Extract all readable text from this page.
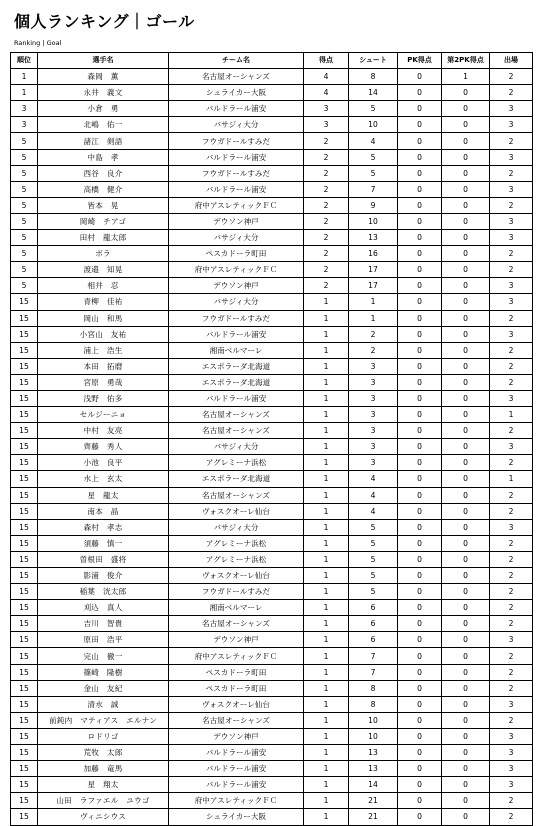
個人ランキング｜ゴール
Ranking | Goal
順位	選手名	チーム名	得点	シュート	PK得点	第2PK得点	出場
1	森岡　薫	名古屋オーシャンズ	4	8	0	1	2
1	永井　義文	シュライカー大阪	4	14	0	0	2
3	小倉　勇	バルドラール浦安	3	5	0	0	3
3	北嶋　佑一	バサジィ大分	3	10	0	0	3
5	諸江　剣語	フウガドールすみだ	2	4	0	0	2
5	中島　孝	バルドラール浦安	2	5	0	0	3
5	西谷　良介	フウガドールすみだ	2	5	0	0	2
5	高橋　健介	バルドラール浦安	2	7	0	0	3
5	皆本　晃	府中アスレティックＦＣ	2	9	0	0	2
5	岡崎　チアゴ	デウソン神戸	2	10	0	0	3
5	田村　龍太郎	バサジィ大分	2	13	0	0	3
5	ボラ	ペスカドーラ町田	2	16	0	0	2
5	渡邉　知晃	府中アスレティックＦＣ	2	17	0	0	2
5	相井　忍	デウソン神戸	2	17	0	0	3
15	青柳　佳祐	バサジィ大分	1	1	0	0	3
15	岡山　和馬	フウガドールすみだ	1	1	0	0	2
15	小宮山　友祐	バルドラール浦安	1	2	0	0	3
15	浦上　浩生	湘南ベルマーレ	1	2	0	0	2
15	本田　拓磨	エスポラーダ北海道	1	3	0	0	2
15	宮原　勇哉	エスポラーダ北海道	1	3	0	0	2
15	浅野　佑多	バルドラール浦安	1	3	0	0	3
15	セルジーニョ	名古屋オーシャンズ	1	3	0	0	1
15	中村　友亮	名古屋オーシャンズ	1	3	0	0	2
15	齊藤　秀人	バサジィ大分	1	3	0	0	3
15	小池　良平	アグレミーナ浜松	1	3	0	0	2
15	水上　玄太	エスポラーダ北海道	1	4	0	0	1
15	星　龍太	名古屋オーシャンズ	1	4	0	0	2
15	南本　晶	ヴォスクオーレ仙台	1	4	0	0	2
15	森村　孝志	バサジィ大分	1	5	0	0	3
15	須藤　慎一	アグレミーナ浜松	1	5	0	0	2
15	曽根田　盛将	アグレミーナ浜松	1	5	0	0	2
15	影浦　俊介	ヴォスクオーレ仙台	1	5	0	0	2
15	稲葉　洸太郎	フウガドールすみだ	1	5	0	0	2
15	刈込　真人	湘南ベルマーレ	1	6	0	0	2
15	吉川　智貴	名古屋オーシャンズ	1	6	0	0	2
15	原田　浩平	デウソン神戸	1	6	0	0	3
15	完山　徹一	府中アスレティックＦＣ	1	7	0	0	2
15	篠崎　隆樹	ペスカドーラ町田	1	7	0	0	2
15	金山　友紀	ペスカドーラ町田	1	8	0	0	2
15	清水　誠	ヴォスクオーレ仙台	1	8	0	0	3
15	前鈍内　マティアス　エルナン	名古屋オーシャンズ	1	10	0	0	2
15	ロドリゴ	デウソン神戸	1	10	0	0	3
15	荒牧　太郎	バルドラール浦安	1	13	0	0	3
15	加藤　竜馬	バルドラール浦安	1	13	0	0	3
15	星　翔太	バルドラール浦安	1	14	0	0	3
15	山田　ラファエル　ユウゴ	府中アスレティックＦＣ	1	21	0	0	2
15	ヴィニシウス	シュライカー大阪	1	21	0	0	2
